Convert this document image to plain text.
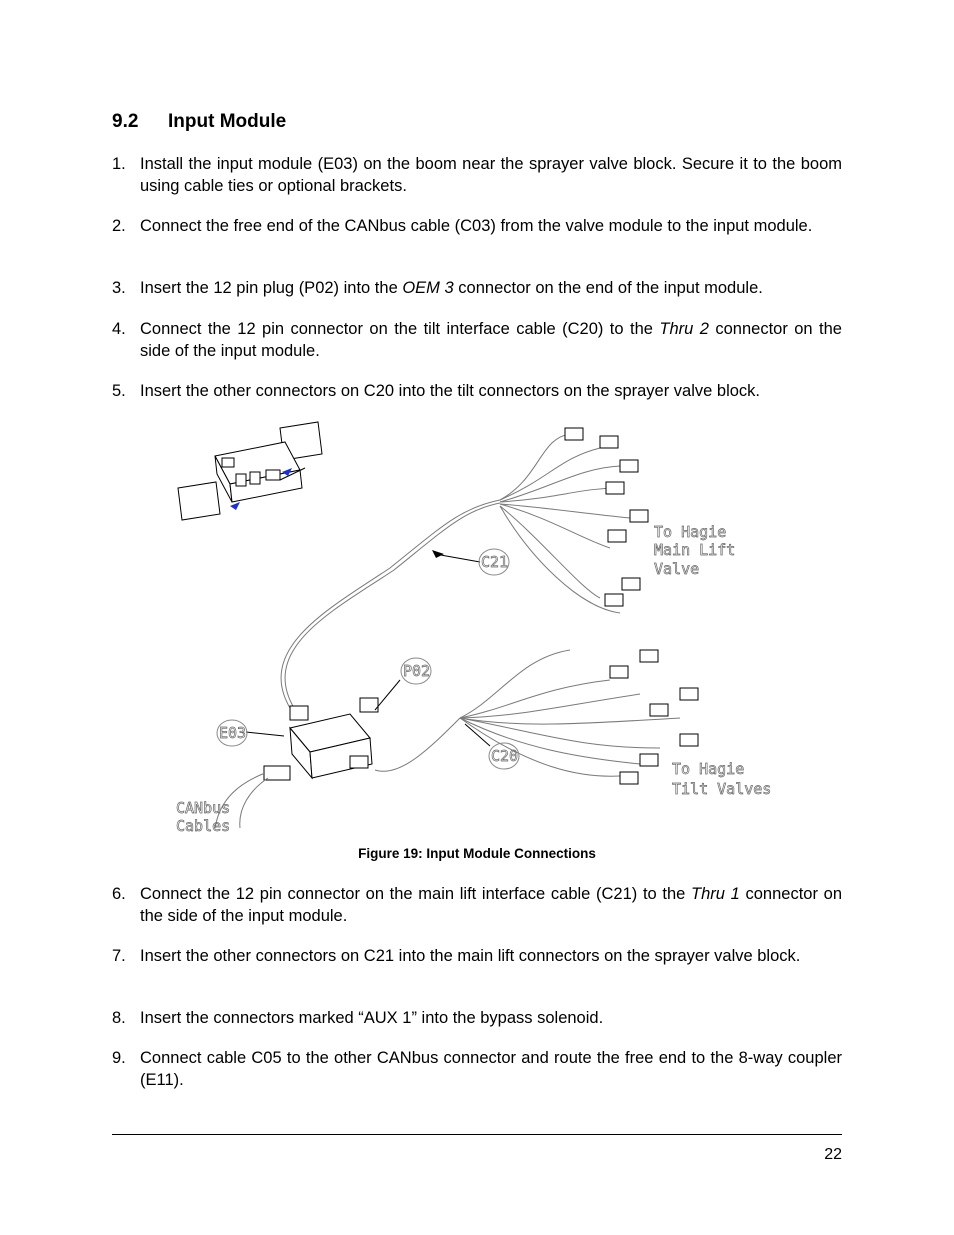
9.2 Input Module
1. Install the input module (E03) on the boom near the sprayer valve block. Secure it to the boom using cable ties or optional brackets.
2. Connect the free end of the CANbus cable (C03) from the valve module to the input module.
3. Insert the 12 pin plug (P02) into the OEM 3 connector on the end of the input module.
4. Connect the 12 pin connector on the tilt interface cable (C20) to the Thru 2 connector on the side of the input module.
5. Insert the other connectors on C20 into the tilt connectors on the sprayer valve block.
C21
P02
E03
C20
To Hagie
Main Lift
Valve
To Hagie
Tilt Valves
CANbus
Cables
Figure 19: Input Module Connections
6. Connect the 12 pin connector on the main lift interface cable (C21) to the Thru 1 connector on the side of the input module.
7. Insert the other connectors on C21 into the main lift connectors on the sprayer valve block.
8. Insert the connectors marked “AUX 1” into the bypass solenoid.
9. Connect cable C05 to the other CANbus connector and route the free end to the 8-way coupler (E11).
22
